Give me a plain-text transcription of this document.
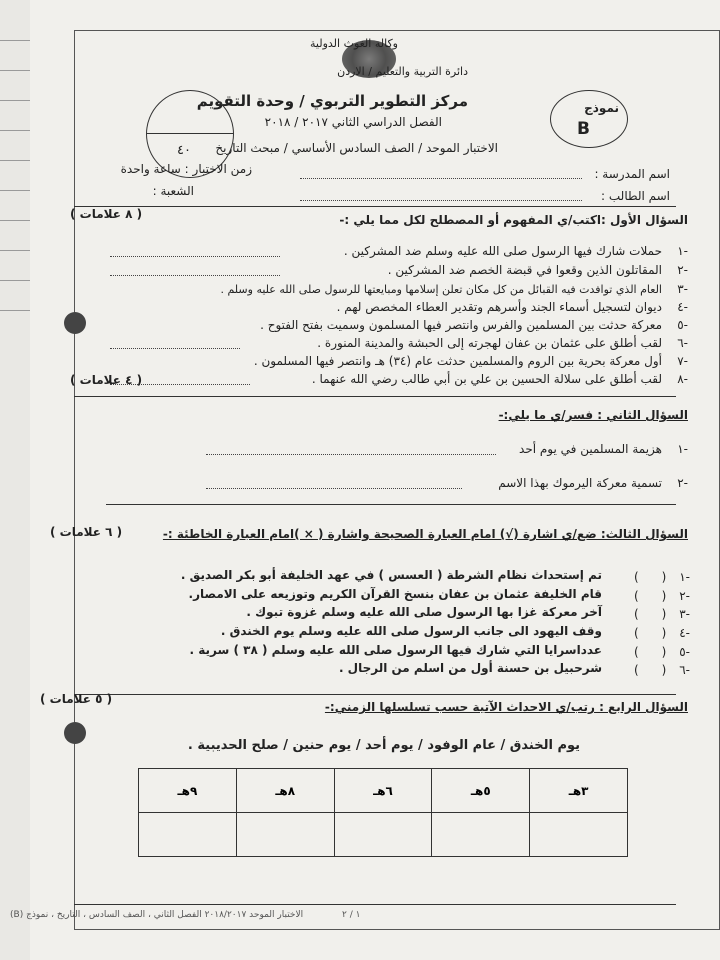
وكالة الغوث الدولية
دائرة التربية والتعليم / الاردن
مركز التطوير التربوي / وحدة التقويم
الفصل الدراسي الثاني ٢٠١٧ / ٢٠١٨
الاختبار الموحد / الصف السادس الأساسي / مبحث التاريخ
٤٠
نموذج
B
زمن الاختبار : ساعة واحدة
الشعبة :
اسم المدرسة :
اسم الطالب :
السؤال الأول :اكتب/ي المفهوم أو المصطلح لكل مما يلي :-
( ٨ علامات )
-١
حملات شارك فيها الرسول صلى الله عليه وسلم ضد المشركين .
-٢
المقاتلون الذين وقعوا في قبضة الخصم ضد المشركين .
-٣
العام الذي توافدت فيه القبائل من كل مكان تعلن إسلامها ومبايعتها للرسول صلى الله عليه وسلم .
-٤
ديوان لتسجيل أسماء الجند وأسرهم وتقدير العطاء المخصص لهم .
-٥
معركة حدثت بين المسلمين والفرس وانتصر فيها المسلمون وسميت بفتح الفتوح .
-٦
لقب أطلق على عثمان بن عفان لهجرته إلى الحبشة والمدينة المنورة .
-٧
أول معركة بحرية بين الروم والمسلمين حدثت عام (٣٤) هـ وانتصر فيها المسلمون .
-٨
لقب أطلق على سلالة الحسين بن علي بن أبي طالب رضي الله عنهما .
( ٤ علامات )
السؤال الثاني : فسر/ي ما يلي:-
-١
هزيمة المسلمين في يوم أحد
-٢
تسمية معركة اليرموك بهذا الاسم
( ٦ علامات )	السؤال الثالث: ضع/ي اشارة (√) امام العبارة الصحيحة واشارة ( × )امام العبارة الخاطئة :-
(      ) -١
تم إستحداث نظام الشرطة ( العسس ) في عهد الخليفة أبو بكر الصديق .
(      ) -٢
قام الخليفة عثمان بن عفان بنسخ القرآن الكريم وتوزيعه على الامصار.
(      ) -٣
آخر معركة غزا بها الرسول صلى الله عليه وسلم غزوة تبوك .
(      ) -٤
وقف اليهود الى جانب الرسول صلى الله عليه وسلم يوم الخندق .
(      ) -٥
عدداسرايا التي شارك فيها الرسول صلى الله عليه وسلم ( ٣٨ ) سرية .
(      ) -٦
شرحبيل بن حسنة أول من اسلم من الرجال .
( ٥ علامات )
السؤال الرابع : رتب/ي الاحداث الآتية حسب تسلسلها الزمني:-
يوم الخندق / عام الوفود / يوم أحد / يوم حنين / صلح الحديبية .
٩هـ	٨هـ	٦هـ	٥هـ	٣هـ

الاختبار الموحد ٢٠١٨/٢٠١٧ الفصل الثاني ، الصف السادس ، التاريخ ، نموذج (B)	١ / ٢
